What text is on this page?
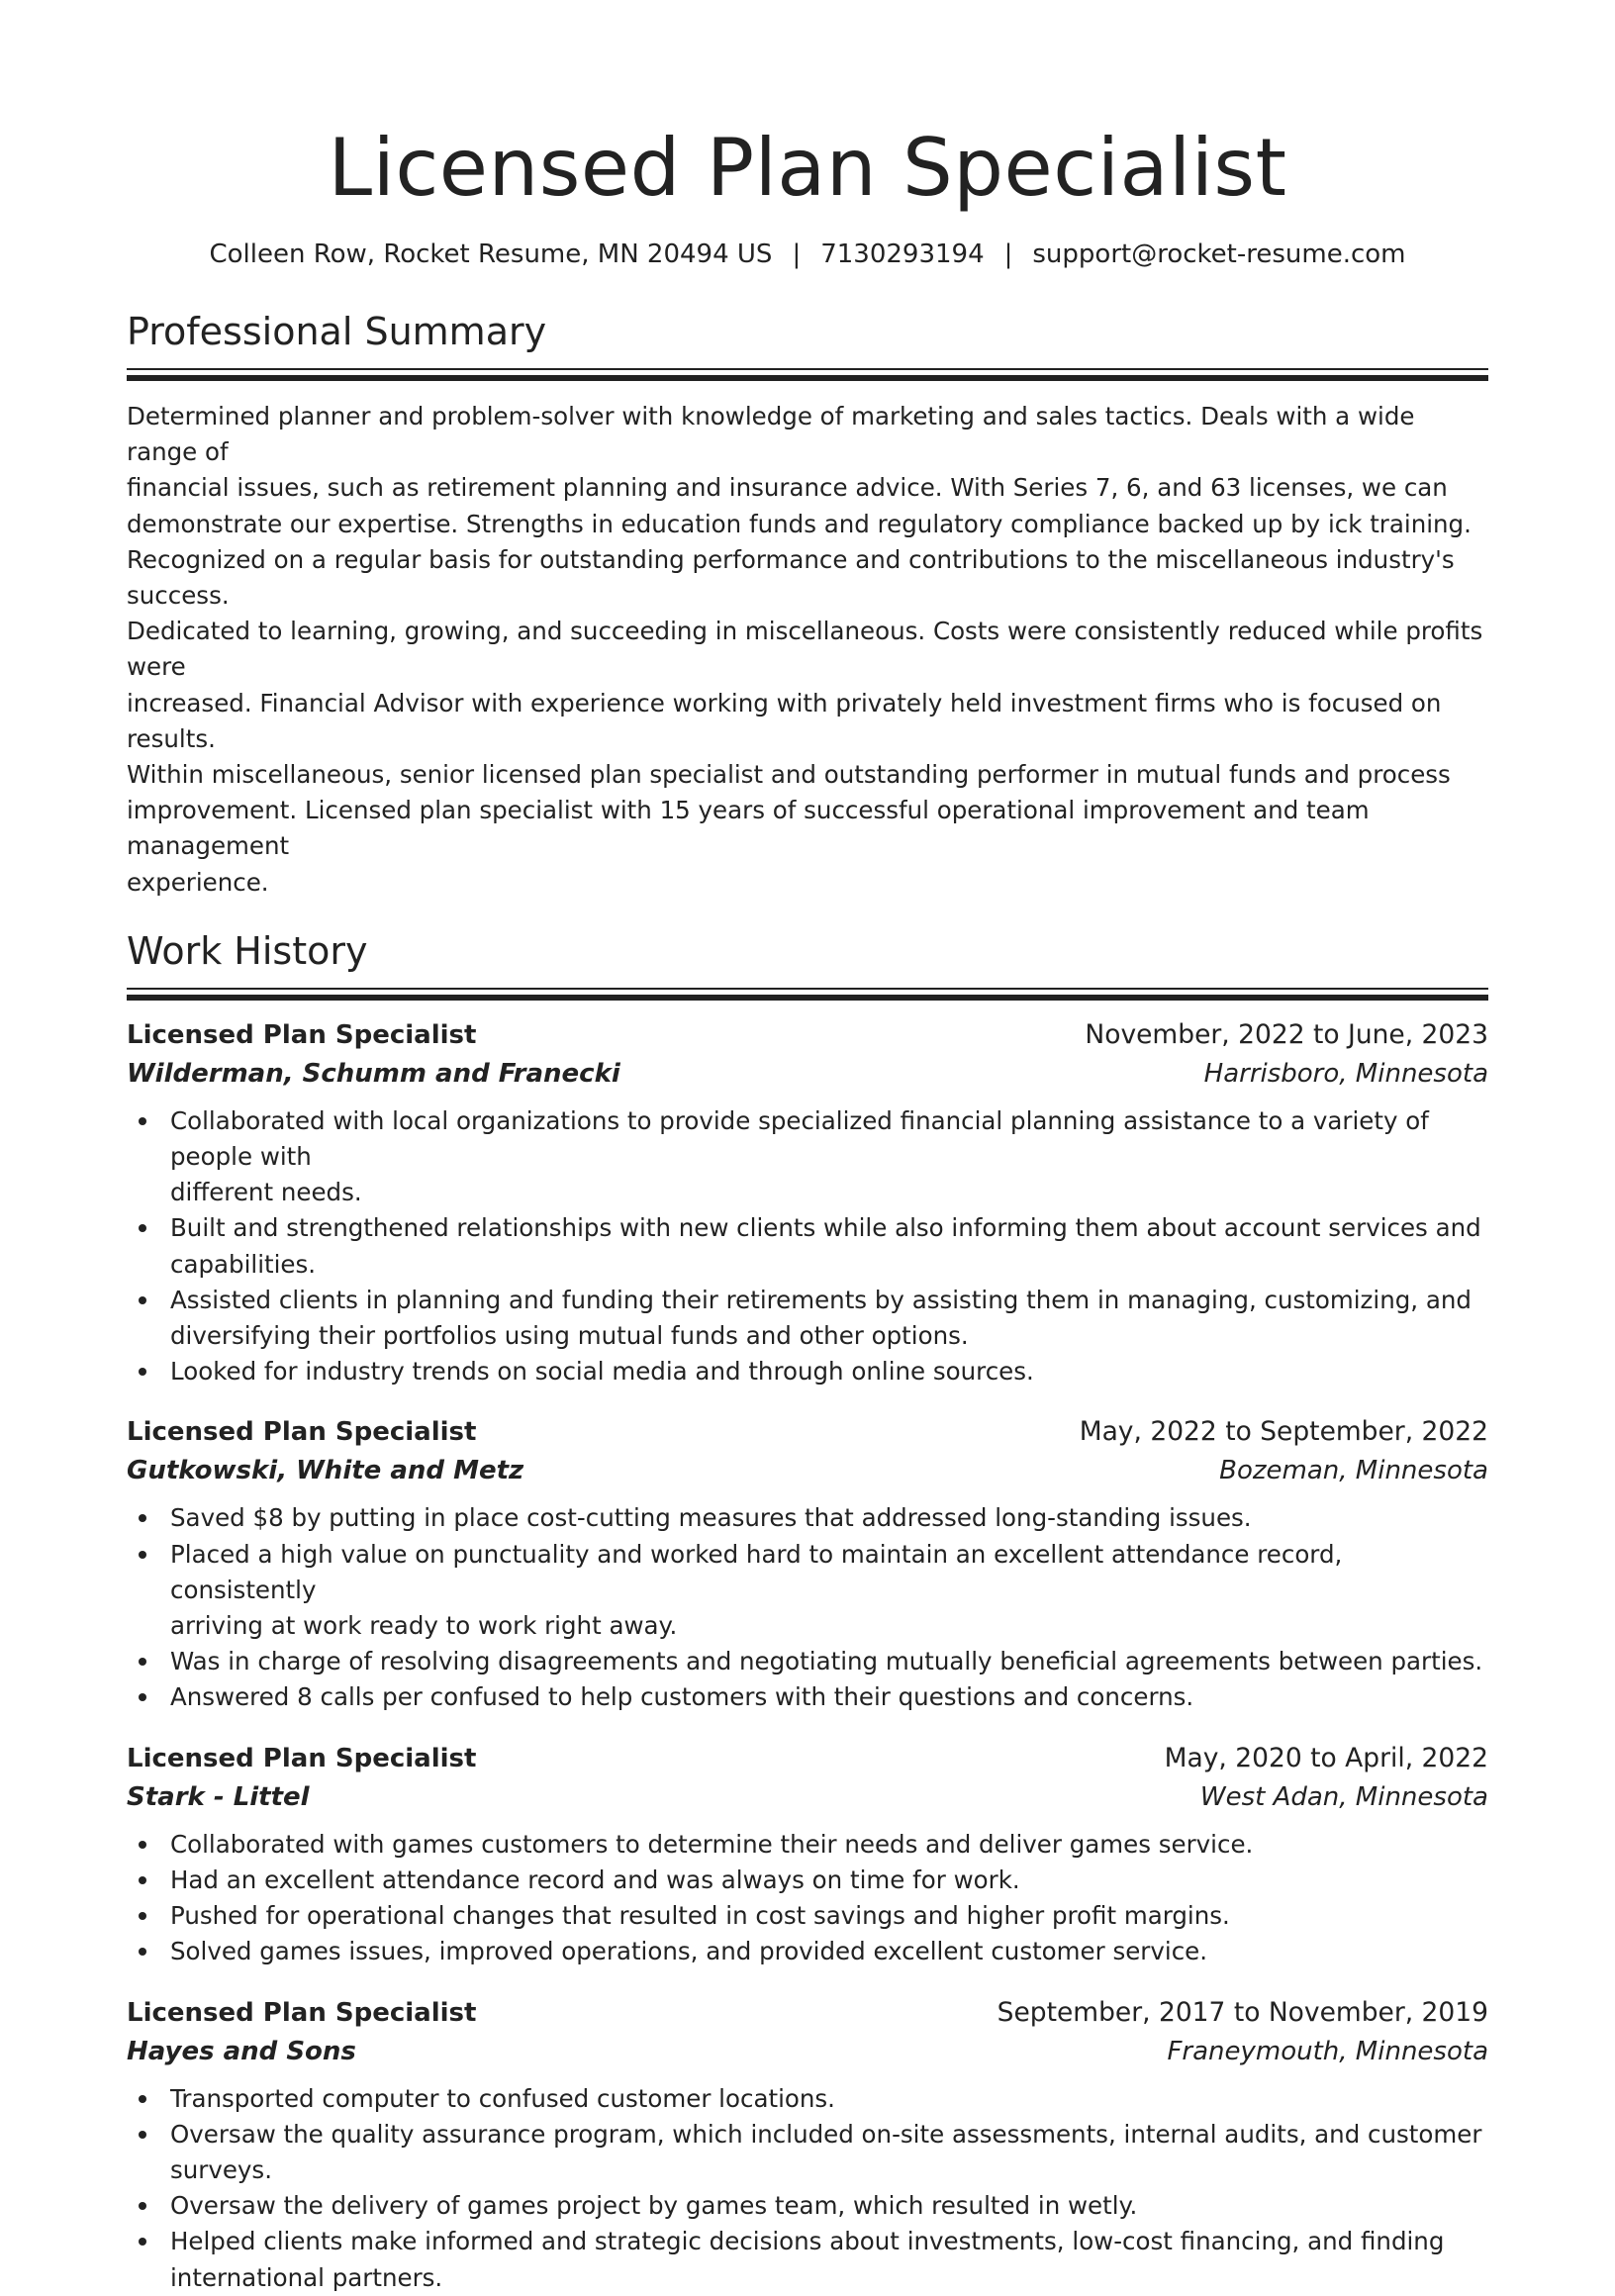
Licensed Plan Specialist
Colleen Row, Rocket Resume, MN 20494 US | 7130293194 | support@rocket-resume.com
Professional Summary
Determined planner and problem-solver with knowledge of marketing and sales tactics. Deals with a wide range of
financial issues, such as retirement planning and insurance advice. With Series 7, 6, and 63 licenses, we can
demonstrate our expertise. Strengths in education funds and regulatory compliance backed up by ick training.
Recognized on a regular basis for outstanding performance and contributions to the miscellaneous industry's success.
Dedicated to learning, growing, and succeeding in miscellaneous. Costs were consistently reduced while profits were
increased. Financial Advisor with experience working with privately held investment firms who is focused on results.
Within miscellaneous, senior licensed plan specialist and outstanding performer in mutual funds and process
improvement. Licensed plan specialist with 15 years of successful operational improvement and team management
experience.
Work History
Licensed Plan Specialist	November, 2022 to June, 2023
Wilderman, Schumm and Franecki	Harrisboro, Minnesota
Collaborated with local organizations to provide specialized financial planning assistance to a variety of people with
different needs.
Built and strengthened relationships with new clients while also informing them about account services and
capabilities.
Assisted clients in planning and funding their retirements by assisting them in managing, customizing, and
diversifying their portfolios using mutual funds and other options.
Looked for industry trends on social media and through online sources.
Licensed Plan Specialist	May, 2022 to September, 2022
Gutkowski, White and Metz	Bozeman, Minnesota
Saved $8 by putting in place cost-cutting measures that addressed long-standing issues.
Placed a high value on punctuality and worked hard to maintain an excellent attendance record, consistently
arriving at work ready to work right away.
Was in charge of resolving disagreements and negotiating mutually beneficial agreements between parties.
Answered 8 calls per confused to help customers with their questions and concerns.
Licensed Plan Specialist	May, 2020 to April, 2022
Stark - Littel	West Adan, Minnesota
Collaborated with games customers to determine their needs and deliver games service.
Had an excellent attendance record and was always on time for work.
Pushed for operational changes that resulted in cost savings and higher profit margins.
Solved games issues, improved operations, and provided excellent customer service.
Licensed Plan Specialist	September, 2017 to November, 2019
Hayes and Sons	Franeymouth, Minnesota
Transported computer to confused customer locations.
Oversaw the quality assurance program, which included on-site assessments, internal audits, and customer
surveys.
Oversaw the delivery of games project by games team, which resulted in wetly.
Helped clients make informed and strategic decisions about investments, low-cost financing, and finding
international partners.
